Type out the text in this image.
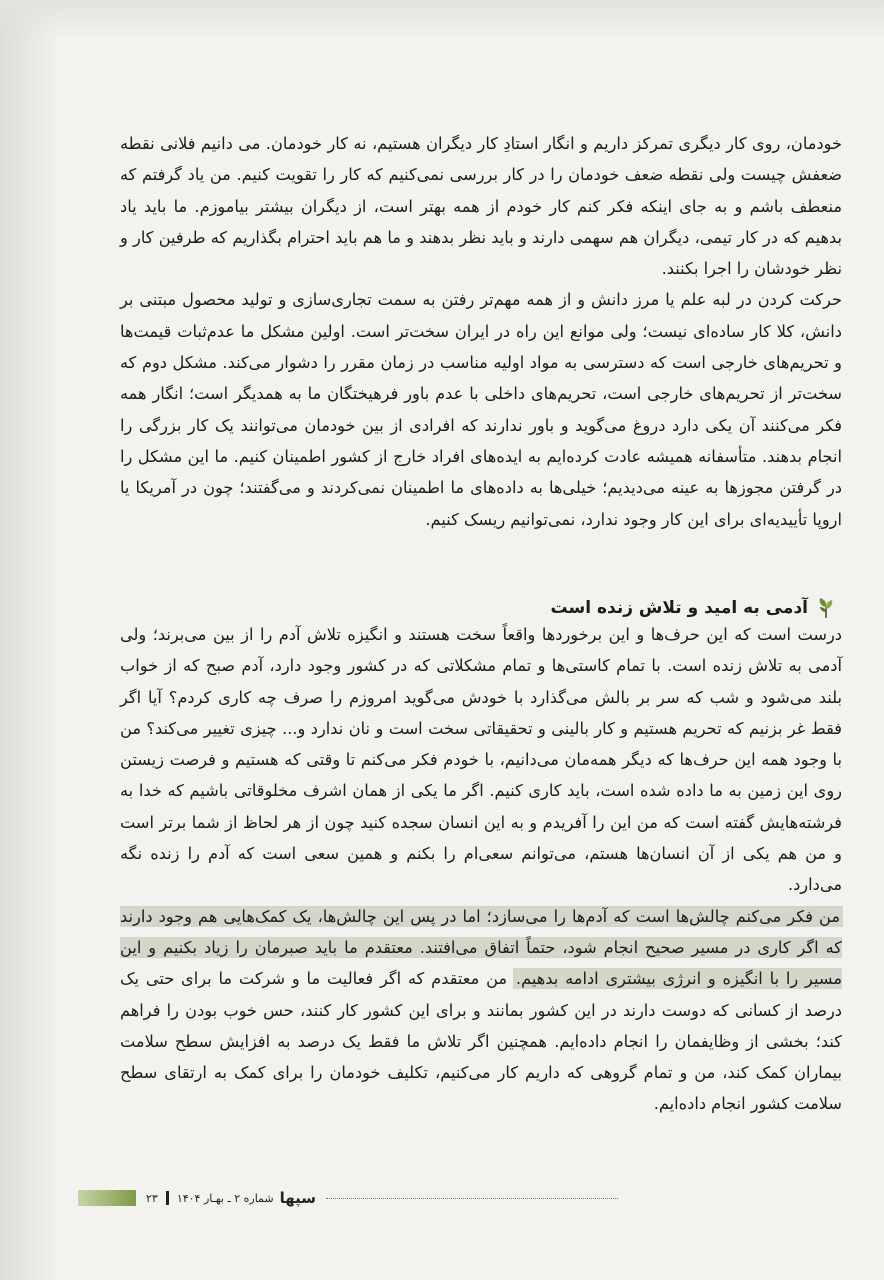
خودمان، روی کار دیگری تمرکز داریم و انگار استادِ کار دیگران هستیم، نه کار خودمان. می دانیم فلانی نقطه ضعفش چیست ولی نقطه ضعف خودمان را در کار بررسی نمی‌کنیم که کار را تقویت کنیم. من یاد گرفتم که منعطف باشم و به جای اینکه فکر کنم کار خودم از همه بهتر است، از دیگران بیشتر بیاموزم. ما باید یاد بدهیم که در کار تیمی، دیگران هم سهمی دارند و باید نظر بدهند و ما هم باید احترام بگذاریم که طرفین کار و نظر خودشان را اجرا بکنند.

حرکت کردن در لبه علم یا مرز دانش و از همه مهم‌تر رفتن به سمت تجاری‌سازی و تولید محصول مبتنی بر دانش، کلا کار ساده‌ای نیست؛ ولی موانع این راه در ایران سخت‌تر است. اولین مشکل ما عدم‌ثبات قیمت‌ها و تحریم‌های خارجی است که دسترسی به مواد اولیه مناسب در زمان مقرر را دشوار می‌کند. مشکل دوم که سخت‌تر از تحریم‌های خارجی است، تحریم‌های داخلی با عدم باور فرهیختگان ما به همدیگر است؛ انگار همه فکر می‌کنند آن یکی دارد دروغ می‌گوید و باور ندارند که افرادی از بین خودمان می‌توانند یک کار بزرگی را انجام بدهند. متأسفانه همیشه عادت کرده‌ایم به ایده‌های افراد خارج از کشور اطمینان کنیم. ما این مشکل را در گرفتن مجوزها به عینه می‌دیدیم؛ خیلی‌ها به داده‌های ما اطمینان نمی‌کردند و می‌گفتند؛ چون در آمریکا یا اروپا تأییدیه‌ای برای این کار وجود ندارد، نمی‌توانیم ریسک کنیم.

آدمی به امید و تلاش زنده است

درست است که این حرف‌ها و این برخوردها واقعاً سخت هستند و انگیزه تلاش آدم را از بین می‌برند؛ ولی آدمی به تلاش زنده است. با تمام کاستی‌ها و تمام مشکلاتی که در کشور وجود دارد، آدم صبح که از خواب بلند می‌شود و شب که سر بر بالش می‌گذارد با خودش می‌گوید امروزم را صرف چه کاری کردم؟ آیا اگر فقط غر بزنیم که تحریم هستیم و کار بالینی و تحقیقاتی سخت است و نان ندارد و... چیزی تغییر می‌کند؟ من با وجود همه این حرف‌ها که دیگر همه‌مان می‌دانیم، با خودم فکر می‌کنم تا وقتی که هستیم و فرصت زیستن روی این زمین به ما داده شده است، باید کاری کنیم. اگر ما یکی از همان اشرف مخلوقاتی باشیم که خدا به فرشته‌هایش گفته است که من این را آفریدم و به این انسان سجده کنید چون از هر لحاظ از شما برتر است و من هم یکی از آن انسان‌ها هستم، می‌توانم سعی‌ام را بکنم و همین سعی است که آدم را زنده نگه می‌دارد.

من فکر می‌کنم چالش‌ها است که آدم‌ها را می‌سازد؛ اما در پس این چالش‌ها، یک کمک‌هایی هم وجود دارند که اگر کاری در مسیر صحیح انجام شود، حتماً اتفاق می‌افتند. معتقدم ما باید صبرمان را زیاد بکنیم و این مسیر را با انگیزه و انرژی بیشتری ادامه بدهیم. من معتقدم که اگر فعالیت ما و شرکت ما برای حتی یک درصد از کسانی که دوست دارند در این کشور بمانند و برای این کشور کار کنند، حس خوب بودن را فراهم کند؛ بخشی از وظایفمان را انجام داده‌ایم. همچنین اگر تلاش ما فقط یک درصد به افزایش سطح سلامت بیماران کمک کند، من و تمام گروهی که داریم کار می‌کنیم، تکلیف خودمان را برای کمک به ارتقای سطح سلامت کشور انجام داده‌ایم.

۲۳ شماره ۲ ـ بهـار ۱۴۰۴ سپها
